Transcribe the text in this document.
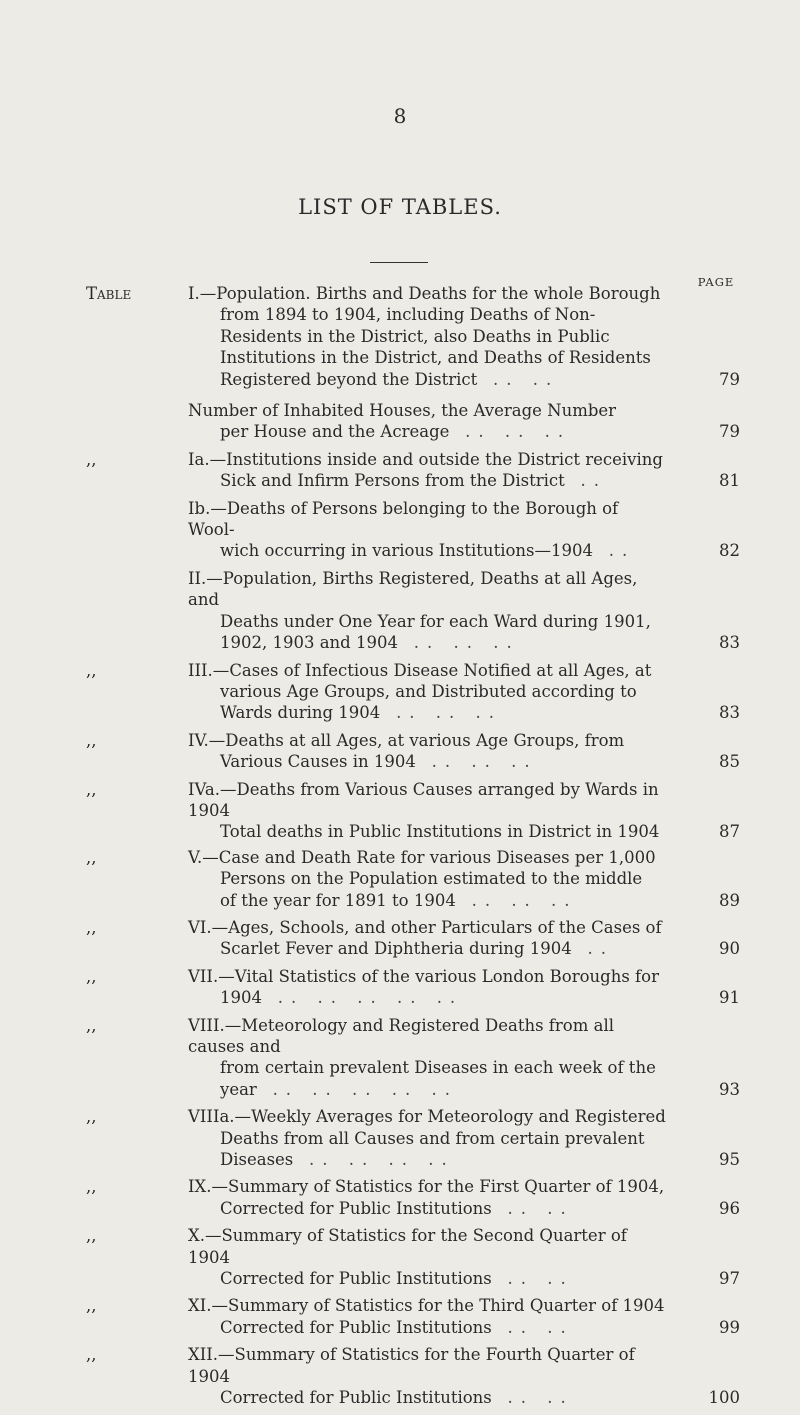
8
LIST OF TABLES.
PAGE
Table	I.—Population. Births and Deaths for the whole Borough
from 1894 to 1904, including Deaths of Non-
Residents in the District, also Deaths in Public
Institutions in the District, and Deaths of Residents
Registered beyond the District .. ..	79
Number of Inhabited Houses, the Average Number
per House and the Acreage .. .. ..	79
,,	Ia.—Institutions inside and outside the District receiving
Sick and Infirm Persons from the District ..	81
Ib.—Deaths of Persons belonging to the Borough of Wool-
wich occurring in various Institutions—1904 ..	82
II.—Population, Births Registered, Deaths at all Ages, and
Deaths under One Year for each Ward during 1901,
1902, 1903 and 1904 .. .. ..	83
,,	III.—Cases of Infectious Disease Notified at all Ages, at
various Age Groups, and Distributed according to
Wards during 1904 .. .. ..	83
,,	IV.—Deaths at all Ages, at various Age Groups, from
Various Causes in 1904 .. .. ..	85
,,	IVa.—Deaths from Various Causes arranged by Wards in 1904
Total deaths in Public Institutions in District in 1904	87
,,	V.—Case and Death Rate for various Diseases per 1,000
Persons on the Population estimated to the middle
of the year for 1891 to 1904 .. .. ..	89
,,	VI.—Ages, Schools, and other Particulars of the Cases of
Scarlet Fever and Diphtheria during 1904 ..	90
,,	VII.—Vital Statistics of the various London Boroughs for
1904 .. .. .. .. ..	91
,,	VIII.—Meteorology and Registered Deaths from all causes and
from certain prevalent Diseases in each week of the
year .. .. .. .. ..	93
,,	VIIIa.—Weekly Averages for Meteorology and Registered
Deaths from all Causes and from certain prevalent
Diseases .. .. .. ..	95
,,	IX.—Summary of Statistics for the First Quarter of 1904,
Corrected for Public Institutions .. ..	96
,,	X.—Summary of Statistics for the Second Quarter of 1904
Corrected for Public Institutions .. ..	97
,,	XI.—Summary of Statistics for the Third Quarter of 1904
Corrected for Public Institutions .. ..	99
,,	XII.—Summary of Statistics for the Fourth Quarter of 1904
Corrected for Public Institutions .. ..	100
